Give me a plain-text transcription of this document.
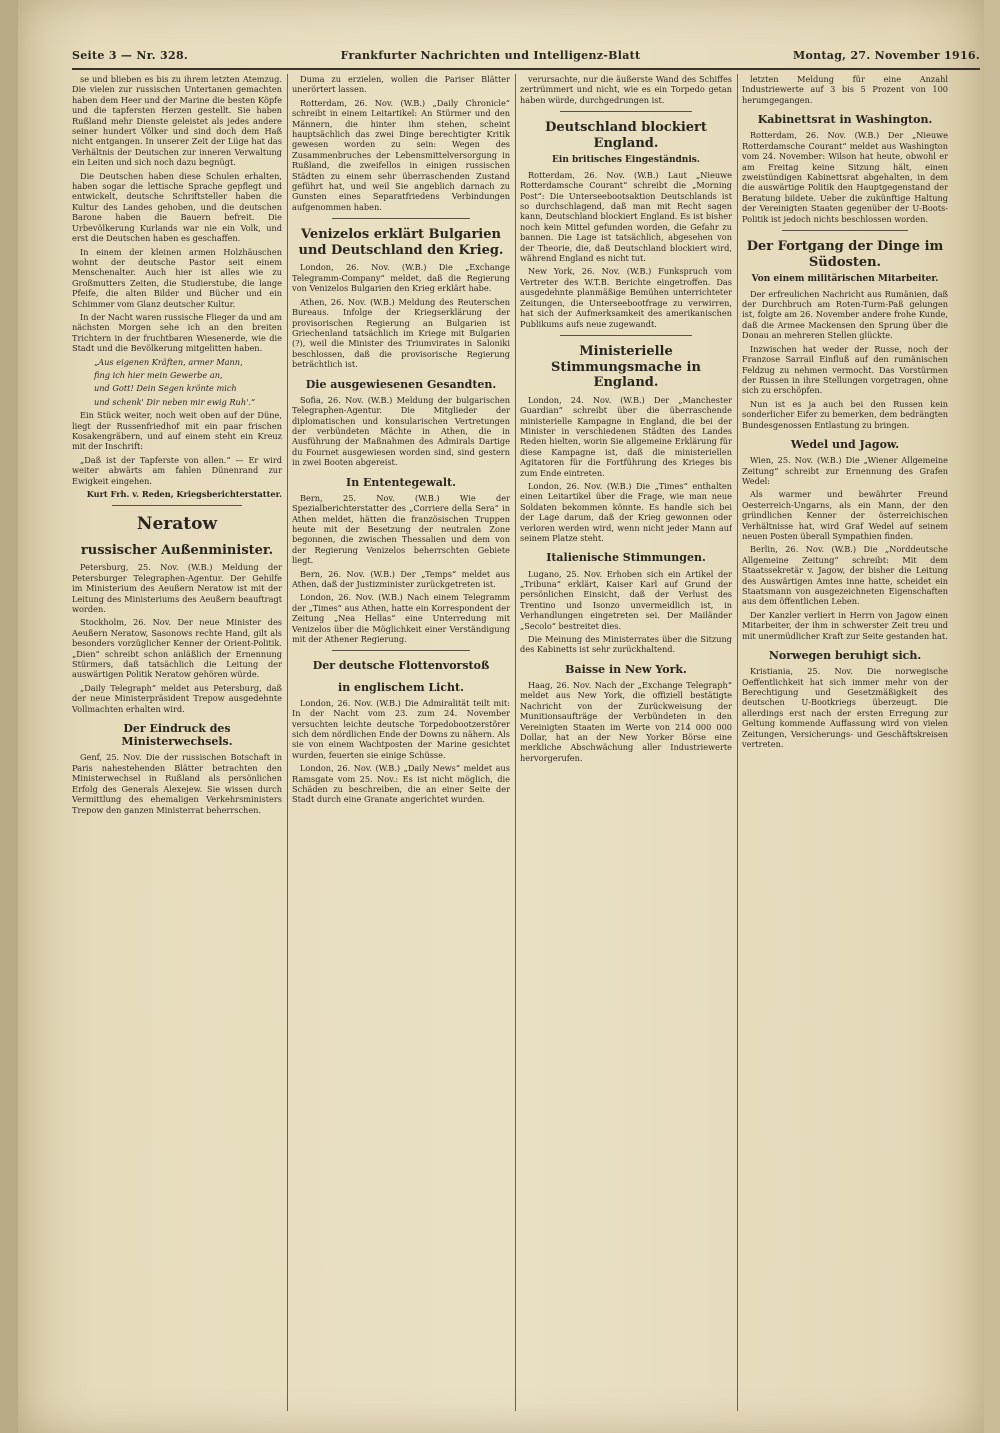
Seite 3 — Nr. 328.	Frankfurter Nachrichten und Intelligenz-Blatt	Montag, 27. November 1916.

se und blieben es bis zu ihrem letzten Atemzug. Die vielen zur russischen Untertanen gemachten haben dem Heer und der Marine die besten Köpfe und die tapfersten Herzen gestellt. Sie haben Rußland mehr Dienste geleistet als jedes andere seiner hundert Völker und sind doch dem Haß nicht entgangen. In unserer Zeit der Lüge hat das Verhältnis der Deutschen zur inneren Verwaltung ein Leiten und sich noch dazu begnügt.

Die Deutschen haben diese Schulen erhalten, haben sogar die lettische Sprache gepflegt und entwickelt, deutsche Schriftsteller haben die Kultur des Landes gehoben, und die deutschen Barone haben die Bauern befreit. Die Urbevölkerung Kurlands war nie ein Volk, und erst die Deutschen haben es geschaffen.

In einem der kleinen armen Holzhäuschen wohnt der deutsche Pastor seit einem Menschenalter. Auch hier ist alles wie zu Großmutters Zeiten, die Studierstube, die lange Pfeife, die alten Bilder und Bücher und ein Schimmer vom Glanz deutscher Kultur.

In der Nacht waren russische Flieger da und am nächsten Morgen sehe ich an den breiten Trichtern in der fruchtbaren Wiesenerde, wie die Stadt und die Bevölkerung mitgelitten haben.

„Aus eigenen Kräften, armer Mann,

fing ich hier mein Gewerbe an,

und Gott! Dein Segen krönte mich

und schenk' Dir neben mir ewig Ruh'.“

Ein Stück weiter, noch weit oben auf der Düne, liegt der Russenfriedhof mit ein paar frischen Kosakengräbern, und auf einem steht ein Kreuz mit der Inschrift:

„Daß ist der Tapferste von allen.“ — Er wird weiter abwärts am fahlen Dünenrand zur Ewigkeit eingehen.

Kurt Frh. v. Reden, Kriegsberichterstatter.

Neratow
russischer Außenminister.

Petersburg, 25. Nov. (W.B.) Meldung der Petersburger Telegraphen-Agentur. Der Gehilfe im Ministerium des Aeußern Neratow ist mit der Leitung des Ministeriums des Aeußern beauftragt worden.

Stockholm, 26. Nov. Der neue Minister des Aeußern Neratow, Sasonows rechte Hand, gilt als besonders vorzüglicher Kenner der Orient-Politik. „Dien“ schreibt schon anläßlich der Ernennung Stürmers, daß tatsächlich die Leitung der auswärtigen Politik Neratow gehören würde.

„Daily Telegraph“ meldet aus Petersburg, daß der neue Ministerpräsident Trepow ausgedehnte Vollmachten erhalten wird.

Der Eindruck des Ministerwechsels.

Genf, 25. Nov. Die der russischen Botschaft in Paris nahestehenden Blätter betrachten den Ministerwechsel in Rußland als persönlichen Erfolg des Generals Alexejew. Sie wissen durch Vermittlung des ehemaligen Verkehrsministers Trepow den ganzen Ministerrat beherrschen.

Duma zu erzielen, wollen die Pariser Blätter unerörtert lassen.

Rotterdam, 26. Nov. (W.B.) „Daily Chronicle“ schreibt in einem Leitartikel: An Stürmer und den Männern, die hinter ihm stehen, scheint hauptsächlich das zwei Dinge berechtigter Kritik gewesen worden zu sein: Wegen des Zusammenbruches der Lebensmittelversorgung in Rußland, die zweifellos in einigen russischen Städten zu einem sehr überraschenden Zustand geführt hat, und weil Sie angeblich darnach zu Gunsten eines Separatfriedens Verbindungen aufgenommen haben.

Venizelos erklärt Bulgarien und Deutschland den Krieg.

London, 26. Nov. (W.B.) Die „Exchange Telegramm-Company“ meldet, daß die Regierung von Venizelos Bulgarien den Krieg erklärt habe.

Athen, 26. Nov. (W.B.) Meldung des Reuterschen Bureaus. Infolge der Kriegserklärung der provisorischen Regierung an Bulgarien ist Griechenland tatsächlich im Kriege mit Bulgarien (?), weil die Minister des Triumvirates in Saloniki beschlossen, daß die provisorische Regierung beträchtlich ist.

Die ausgewiesenen Gesandten.

Sofia, 26. Nov. (W.B.) Meldung der bulgarischen Telegraphen-Agentur. Die Mitglieder der diplomatischen und konsularischen Vertretungen der verbündeten Mächte in Athen, die in Ausführung der Maßnahmen des Admirals Dartige du Fournet ausgewiesen worden sind, sind gestern in zwei Booten abgereist.

In Ententegewalt.

Bern, 25. Nov. (W.B.) Wie der Spezialberichterstatter des „Corriere della Sera“ in Athen meldet, hätten die französischen Truppen heute mit der Besetzung der neutralen Zone begonnen, die zwischen Thessalien und dem von der Regierung Venizelos beherrschten Gebiete liegt.

Bern, 26. Nov. (W.B.) Der „Temps“ meldet aus Athen, daß der Justizminister zurückgetreten ist.

London, 26. Nov. (W.B.) Nach einem Telegramm der „Times“ aus Athen, hatte ein Korrespondent der Zeitung „Nea Hellas“ eine Unterredung mit Venizelos über die Möglichkeit einer Verständigung mit der Athener Regierung.

Der deutsche Flottenvorstoß
in englischem Licht.

London, 26. Nov. (W.B.) Die Admiralität teilt mit: In der Nacht vom 23. zum 24. November versuchten leichte deutsche Torpedobootzerstörer sich dem nördlichen Ende der Downs zu nähern. Als sie von einem Wachtposten der Marine gesichtet wurden, feuerten sie einige Schüsse.

London, 26. Nov. (W.B.) „Daily News“ meldet aus Ramsgate vom 25. Nov.: Es ist nicht möglich, die Schäden zu beschreiben, die an einer Seite der Stadt durch eine Granate angerichtet wurden.

verursachte, nur die äußerste Wand des Schiffes zertrümmert und nicht, wie es ein Torpedo getan haben würde, durchgedrungen ist.

Deutschland blockiert England.
Ein britisches Eingeständnis.

Rotterdam, 26. Nov. (W.B.) Laut „Nieuwe Rotterdamsche Courant“ schreibt die „Morning Post“: Die Unterseebootsaktion Deutschlands ist so durchschlagend, daß man mit Recht sagen kann, Deutschland blockiert England. Es ist bisher noch kein Mittel gefunden worden, die Gefahr zu bannen. Die Lage ist tatsächlich, abgesehen von der Theorie, die, daß Deutschland blockiert wird, während England es nicht tut.

New York, 26. Nov. (W.B.) Funkspruch vom Vertreter des W.T.B. Berichte eingetroffen. Das ausgedehnte planmäßige Bemühen unterrichteter Zeitungen, die Unterseebootfrage zu verwirren, hat sich der Aufmerksamkeit des amerikanischen Publikums aufs neue zugewandt.

Ministerielle Stimmungsmache in England.

London, 24. Nov. (W.B.) Der „Manchester Guardian“ schreibt über die überraschende ministerielle Kampagne in England, die bei der Minister in verschiedenen Städten des Landes Reden hielten, worin Sie allgemeine Erklärung für diese Kampagne ist, daß die ministeriellen Agitatoren für die Fortführung des Krieges bis zum Ende eintreten.

London, 26. Nov. (W.B.) Die „Times“ enthalten einen Leitartikel über die Frage, wie man neue Soldaten bekommen könnte. Es handle sich bei der Lage darum, daß der Krieg gewonnen oder verloren werden wird, wenn nicht jeder Mann auf seinem Platze steht.

Italienische Stimmungen.

Lugano, 25. Nov. Erhoben sich ein Artikel der „Tribuna“ erklärt, Kaiser Karl auf Grund der persönlichen Einsicht, daß der Verlust des Trentino und Isonzo unvermeidlich ist, in Verhandlungen eingetreten sei. Der Mailänder „Secolo“ bestreitet dies.

Die Meinung des Ministerrates über die Sitzung des Kabinetts ist sehr zurückhaltend.

Baisse in New York.

Haag, 26. Nov. Nach der „Exchange Telegraph“ meldet aus New York, die offiziell bestätigte Nachricht von der Zurückweisung der Munitionsaufträge der Verbündeten in den Vereinigten Staaten im Werte von 214 000 000 Dollar, hat an der New Yorker Börse eine merkliche Abschwächung aller Industriewerte hervorgerufen.

letzten Meldung für eine Anzahl Industriewerte auf 3 bis 5 Prozent von 100 herumgegangen.

Kabinettsrat in Washington.

Rotterdam, 26. Nov. (W.B.) Der „Nieuwe Rotterdamsche Courant“ meldet aus Washington vom 24. November: Wilson hat heute, obwohl er am Freitag keine Sitzung hält, einen zweistündigen Kabinettsrat abgehalten, in dem die auswärtige Politik den Hauptgegenstand der Beratung bildete. Ueber die zukünftige Haltung der Vereinigten Staaten gegenüber der U-Boots-Politik ist jedoch nichts beschlossen worden.

Der Fortgang der Dinge im Südosten.
Von einem militärischen Mitarbeiter.

Der erfreulichen Nachricht aus Rumänien, daß der Durchbruch am Roten-Turm-Paß gelungen ist, folgte am 26. November andere frohe Kunde, daß die Armee Mackensen den Sprung über die Donau an mehreren Stellen glückte.

Inzwischen hat weder der Russe, noch der Franzose Sarrail Einfluß auf den rumänischen Feldzug zu nehmen vermocht. Das Vorstürmen der Russen in ihre Stellungen vorgetragen, ohne sich zu erschöpfen.

Nun ist es ja auch bei den Russen kein sonderlicher Eifer zu bemerken, dem bedrängten Bundesgenossen Entlastung zu bringen.

Wedel und Jagow.

Wien, 25. Nov. (W.B.) Die „Wiener Allgemeine Zeitung“ schreibt zur Ernennung des Grafen Wedel:

Als warmer und bewährter Freund Oesterreich-Ungarns, als ein Mann, der den gründlichen Kenner der österreichischen Verhältnisse hat, wird Graf Wedel auf seinem neuen Posten überall Sympathien finden.

Berlin, 26. Nov. (W.B.) Die „Norddeutsche Allgemeine Zeitung“ schreibt: Mit dem Staatssekretär v. Jagow, der bisher die Leitung des Auswärtigen Amtes inne hatte, scheidet ein Staatsmann von ausgezeichneten Eigenschaften aus dem öffentlichen Leben.

Der Kanzler verliert in Herrn von Jagow einen Mitarbeiter, der ihm in schwerster Zeit treu und mit unermüdlicher Kraft zur Seite gestanden hat.

Norwegen beruhigt sich.

Kristiania, 25. Nov. Die norwegische Oeffentlichkeit hat sich immer mehr von der Berechtigung und Gesetzmäßigkeit des deutschen U-Bootkriegs überzeugt. Die allerdings erst nach der ersten Erregung zur Geltung kommende Auffassung wird von vielen Zeitungen, Versicherungs- und Geschäftskreisen vertreten.
